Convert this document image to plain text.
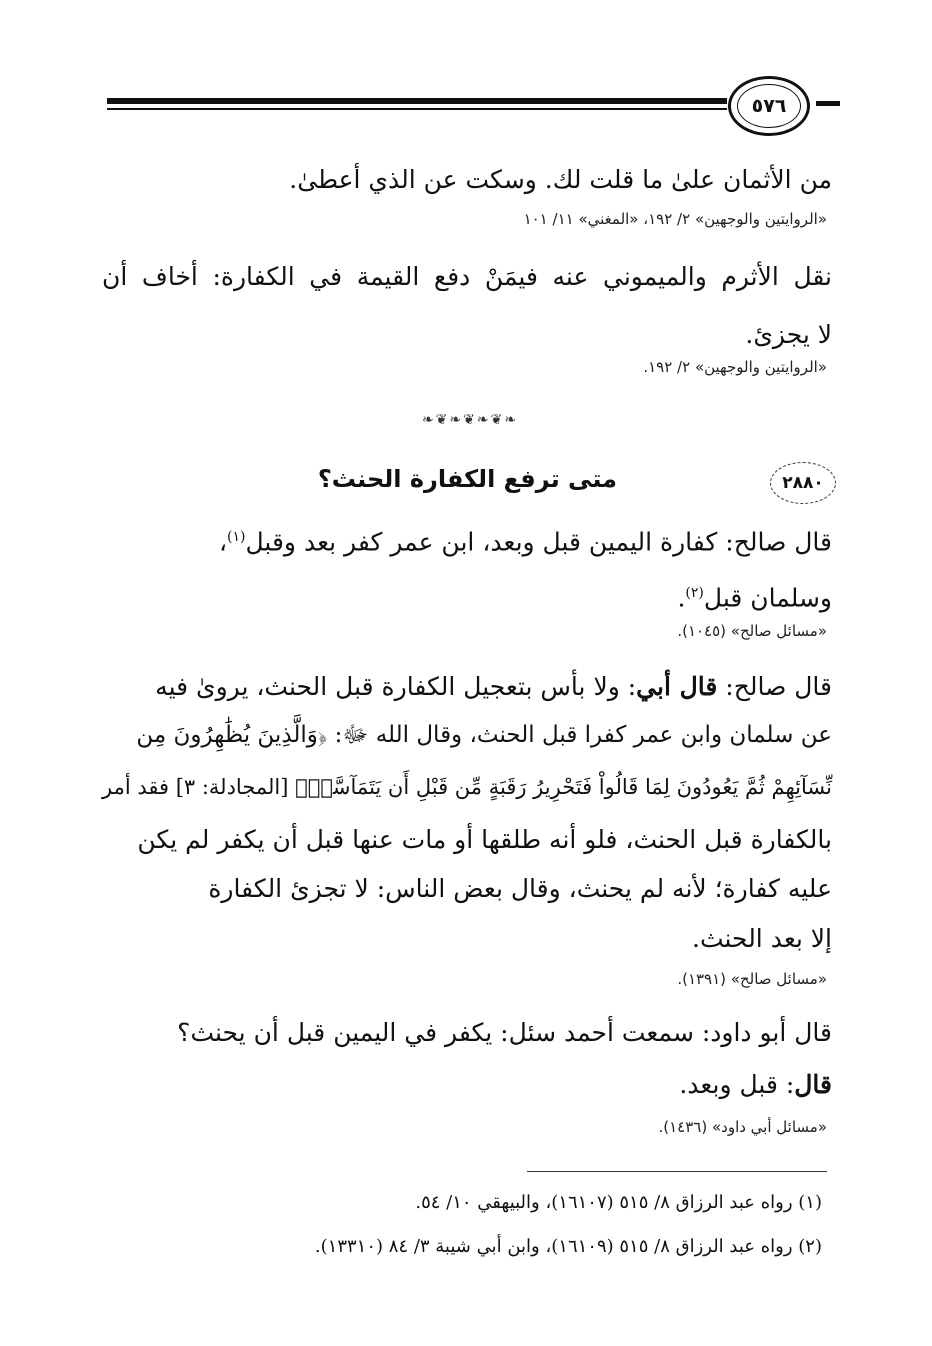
٥٧٦
من الأثمان علىٰ ما قلت لك. وسكت عن الذي أعطىٰ.
«الروايتين والوجهين» ٢/ ١٩٢، «المغني» ١١/ ١٠١
نقل الأثرم والميموني عنه فيمَنْ دفع القيمة في الكفارة: أخاف أن
لا يجزئ.
«الروايتين والوجهين» ٢/ ١٩٢.
❧❦❧❦❧❦❧
٢٨٨٠
متى ترفع الكفارة الحنث؟
قال صالح: كفارة اليمين قبل وبعد، ابن عمر كفر بعد وقبل$^{(١)}$،
وسلمان قبل$^{(٢)}$.
«مسائل صالح» (١٠٤٥).
قال صالح: قال أبي: ولا بأس بتعجيل الكفارة قبل الحنث، يروىٰ فيه
عن سلمان وابن عمر كفرا قبل الحنث، وقال الله ﷻ: ﴿وَالَّذِينَ يُظَٰهِرُونَ مِن
نِّسَآئِهِمْ ثُمَّ يَعُودُونَ لِمَا قَالُواْ فَتَحْرِيرُ رَقَبَةٍ مِّن قَبْلِ أَن يَتَمَآسَّاۚ﴾ [المجادلة: ٣] فقد أمر
بالكفارة قبل الحنث، فلو أنه طلقها أو مات عنها قبل أن يكفر لم يكن
عليه كفارة؛ لأنه لم يحنث، وقال بعض الناس: لا تجزئ الكفارة
إلا بعد الحنث.
«مسائل صالح» (١٣٩١).
قال أبو داود: سمعت أحمد سئل: يكفر في اليمين قبل أن يحنث؟
قال: قبل وبعد.
«مسائل أبي داود» (١٤٣٦).
(١) رواه عبد الرزاق ٨/ ٥١٥ (١٦١٠٧)، والبيهقي ١٠/ ٥٤.
(٢) رواه عبد الرزاق ٨/ ٥١٥ (١٦١٠٩)، وابن أبي شيبة ٣/ ٨٤ (١٣٣١٠).
